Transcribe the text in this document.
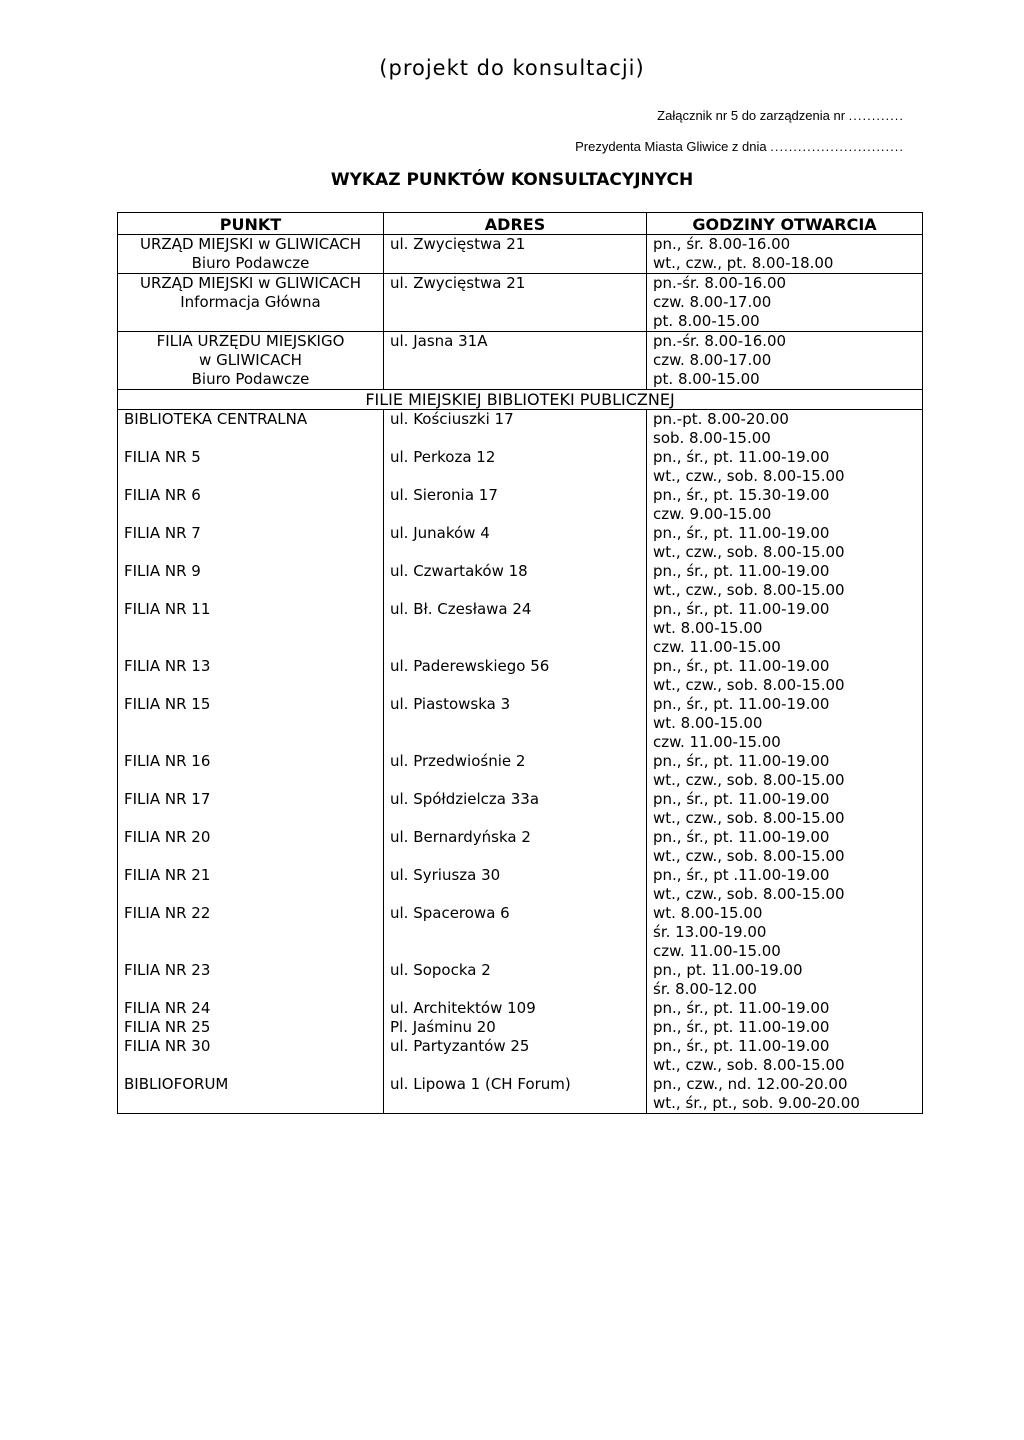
(projekt do konsultacji)
Załącznik nr 5 do zarządzenia nr ............
Prezydenta Miasta Gliwice z dnia .............................
WYKAZ PUNKTÓW KONSULTACYJNYCH
PUNKT	ADRES	GODZINY OTWARCIA

URZĄD MIEJSKI w GLIWICACH
Biuro Podawcze	ul. Zwycięstwa 21	pn., śr. 8.00-16.00
wt., czw., pt. 8.00-18.00

URZĄD MIEJSKI w GLIWICACH
Informacja Główna	ul. Zwycięstwa 21	pn.-śr. 8.00-16.00
czw. 8.00-17.00
pt. 8.00-15.00

FILIA URZĘDU MIEJSKIGO
w GLIWICACH
Biuro Podawcze	ul. Jasna 31A	pn.-śr. 8.00-16.00
czw. 8.00-17.00
pt. 8.00-15.00

FILIE MIEJSKIEJ BIBLIOTEKI PUBLICZNEJ		

BIBLIOTEKA CENTRALNA	ul. Kościuszki 17	pn.-pt. 8.00-20.00
sob. 8.00-15.00

FILIA NR 5	ul. Perkoza 12	pn., śr., pt. 11.00-19.00
wt., czw., sob. 8.00-15.00

FILIA NR 6	ul. Sieronia 17	pn., śr., pt. 15.30-19.00
czw. 9.00-15.00

FILIA NR 7	ul. Junaków 4	pn., śr., pt. 11.00-19.00
wt., czw., sob. 8.00-15.00

FILIA NR 9	ul. Czwartaków 18	pn., śr., pt. 11.00-19.00
wt., czw., sob. 8.00-15.00

FILIA NR 11	ul. Bł. Czesława 24	pn., śr., pt. 11.00-19.00
wt. 8.00-15.00
czw. 11.00-15.00

FILIA NR 13	ul. Paderewskiego 56	pn., śr., pt. 11.00-19.00
wt., czw., sob. 8.00-15.00

FILIA NR 15	ul. Piastowska 3	pn., śr., pt. 11.00-19.00
wt. 8.00-15.00
czw. 11.00-15.00

FILIA NR 16	ul. Przedwiośnie 2	pn., śr., pt. 11.00-19.00
wt., czw., sob. 8.00-15.00

FILIA NR 17	ul. Spółdzielcza 33a	pn., śr., pt. 11.00-19.00
wt., czw., sob. 8.00-15.00

FILIA NR 20	ul. Bernardyńska 2	pn., śr., pt. 11.00-19.00
wt., czw., sob. 8.00-15.00

FILIA NR 21	ul. Syriusza 30	pn., śr., pt .11.00-19.00
wt., czw., sob. 8.00-15.00

FILIA NR 22	ul. Spacerowa 6	wt. 8.00-15.00
śr. 13.00-19.00
czw. 11.00-15.00

FILIA NR 23	ul. Sopocka 2	pn., pt. 11.00-19.00
śr. 8.00-12.00

FILIA NR 24	ul. Architektów 109	pn., śr., pt. 11.00-19.00

FILIA NR 25	Pl. Jaśminu 20	pn., śr., pt. 11.00-19.00

FILIA NR 30	ul. Partyzantów 25	pn., śr., pt. 11.00-19.00
wt., czw., sob. 8.00-15.00

BIBLIOFORUM	ul. Lipowa 1 (CH Forum)	pn., czw., nd. 12.00-20.00
wt., śr., pt., sob. 9.00-20.00
